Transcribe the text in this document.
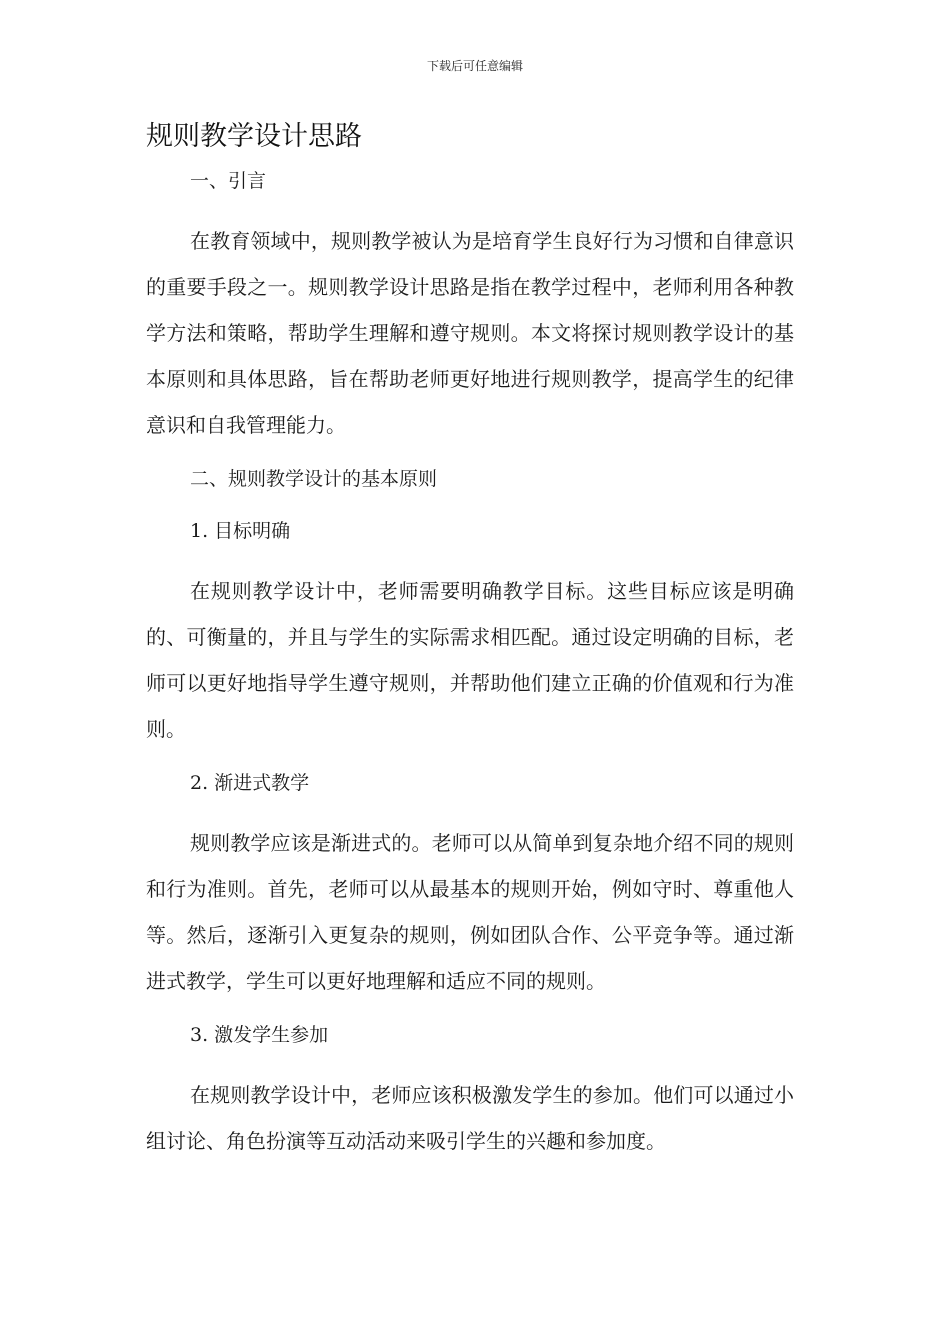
下载后可任意编辑
规则教学设计思路
一、引言

在教育领域中，规则教学被认为是培育学生良好行为习惯和自律意识的重要手段之一。规则教学设计思路是指在教学过程中，老师利用各种教学方法和策略，帮助学生理解和遵守规则。本文将探讨规则教学设计的基本原则和具体思路，旨在帮助老师更好地进行规则教学，提高学生的纪律意识和自我管理能力。

二、规则教学设计的基本原则
1. 目标明确

在规则教学设计中，老师需要明确教学目标。这些目标应该是明确的、可衡量的，并且与学生的实际需求相匹配。通过设定明确的目标，老师可以更好地指导学生遵守规则，并帮助他们建立正确的价值观和行为准则。

2. 渐进式教学

规则教学应该是渐进式的。老师可以从简单到复杂地介绍不同的规则和行为准则。首先，老师可以从最基本的规则开始，例如守时、尊重他人等。然后，逐渐引入更复杂的规则，例如团队合作、公平竞争等。通过渐进式教学，学生可以更好地理解和适应不同的规则。

3. 激发学生参加

在规则教学设计中，老师应该积极激发学生的参加。他们可以通过小组讨论、角色扮演等互动活动来吸引学生的兴趣和参加度。
